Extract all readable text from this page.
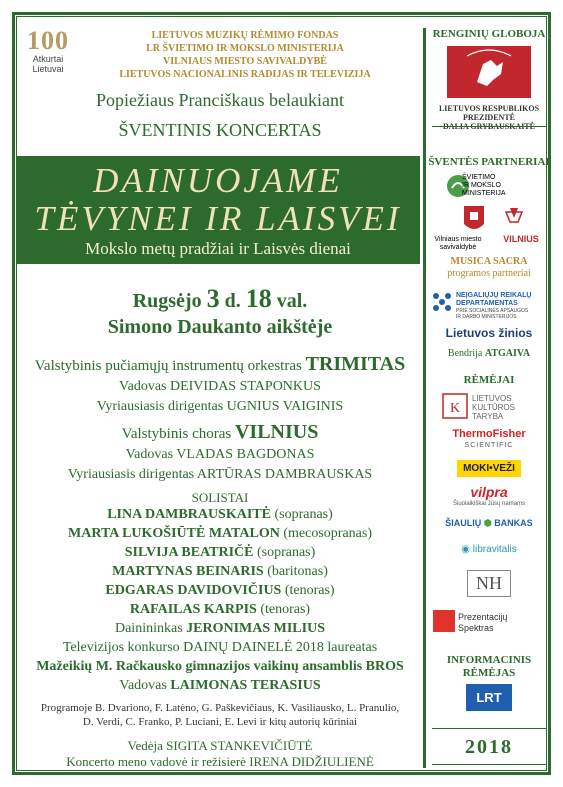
100
Atkurtai
Lietuvai
LIETUVOS MUZIKŲ RĖMIMO FONDAS
LR ŠVIETIMO IR MOKSLO MINISTERIJA
VILNIAUS MIESTO SAVIVALDYBĖ
LIETUVOS NACIONALINIS RADIJAS IR TELEVIZIJA
Popiežiaus Pranciškaus belaukiant
ŠVENTINIS KONCERTAS
DAINUOJAME
TĖVYNEI IR LAISVEI
Mokslo metų pradžiai ir Laisvės dienai
Rugsėjo 3 d. 18 val.
Simono Daukanto aikštėje
Valstybinis pučiamųjų instrumentų orkestras TRIMITAS
Vadovas DEIVIDAS STAPONKUS
Vyriausiasis dirigentas UGNIUS VAIGINIS
Valstybinis choras VILNIUS
Vadovas VLADAS BAGDONAS
Vyriausiasis dirigentas ARTŪRAS DAMBRAUSKAS
SOLISTAI
LINA DAMBRAUSKAITĖ (sopranas)
MARTA LUKOŠIŪTĖ MATALON (mecosopranas)
SILVIJA BEATRIČĖ (sopranas)
MARTYNAS BEINARIS (baritonas)
EDGARAS DAVIDOVIČIUS (tenoras)
RAFAILAS KARPIS (tenoras)
Dainininkas JERONIMAS MILIUS
Televizijos konkurso DAINŲ DAINELĖ 2018 laureatas
Mažeikių M. Račkausko gimnazijos vaikinų ansamblis BROS
Vadovas LAIMONAS TERASIUS
Programoje B. Dvariono, F. Latėno, G. Paškevičiaus, K. Vasiliausko, L. Pranulio,
D. Verdi, C. Franko, P. Luciani, E. Levi ir kitų autorių kūriniai
Vedėja SIGITA STANKEVIČIŪTĖ
Koncerto meno vadovė ir režisierė IRENA DIDŽIULIENĖ
RENGINIŲ GLOBOJA
LIETUVOS RESPUBLIKOS PREZIDENTĖ
ŠVENTĖS PARTNERIAI
ŠVIETIMO
IR MOKSLO
MINISTERIJA
Vilniaus miesto savivaldybė
VILNIUS
MUSICA SACRA
programos partneriai
NEĮGALIŲJŲ REIKALŲ
DEPARTAMENTAS
PRIE SOCIALINĖS APSAUGOS
IR DARBO MINISTERIJOS
Lietuvos žinios
Bendrija ATGAIVA
RĖMĖJAI
K
LIETUVOS
KULTŪROS
TARYBA
ThermoFisher
SCIENTIFIC
MOKI•VEŽI
vilpra
Šiuolaikiškai Jūsų namams
ŠIAULIŲ ⬢ BANKAS
◉ libravitalis
NH
Prezentacijų
Spektras
INFORMACINIS
RĖMĖJAS
LRT
2018
